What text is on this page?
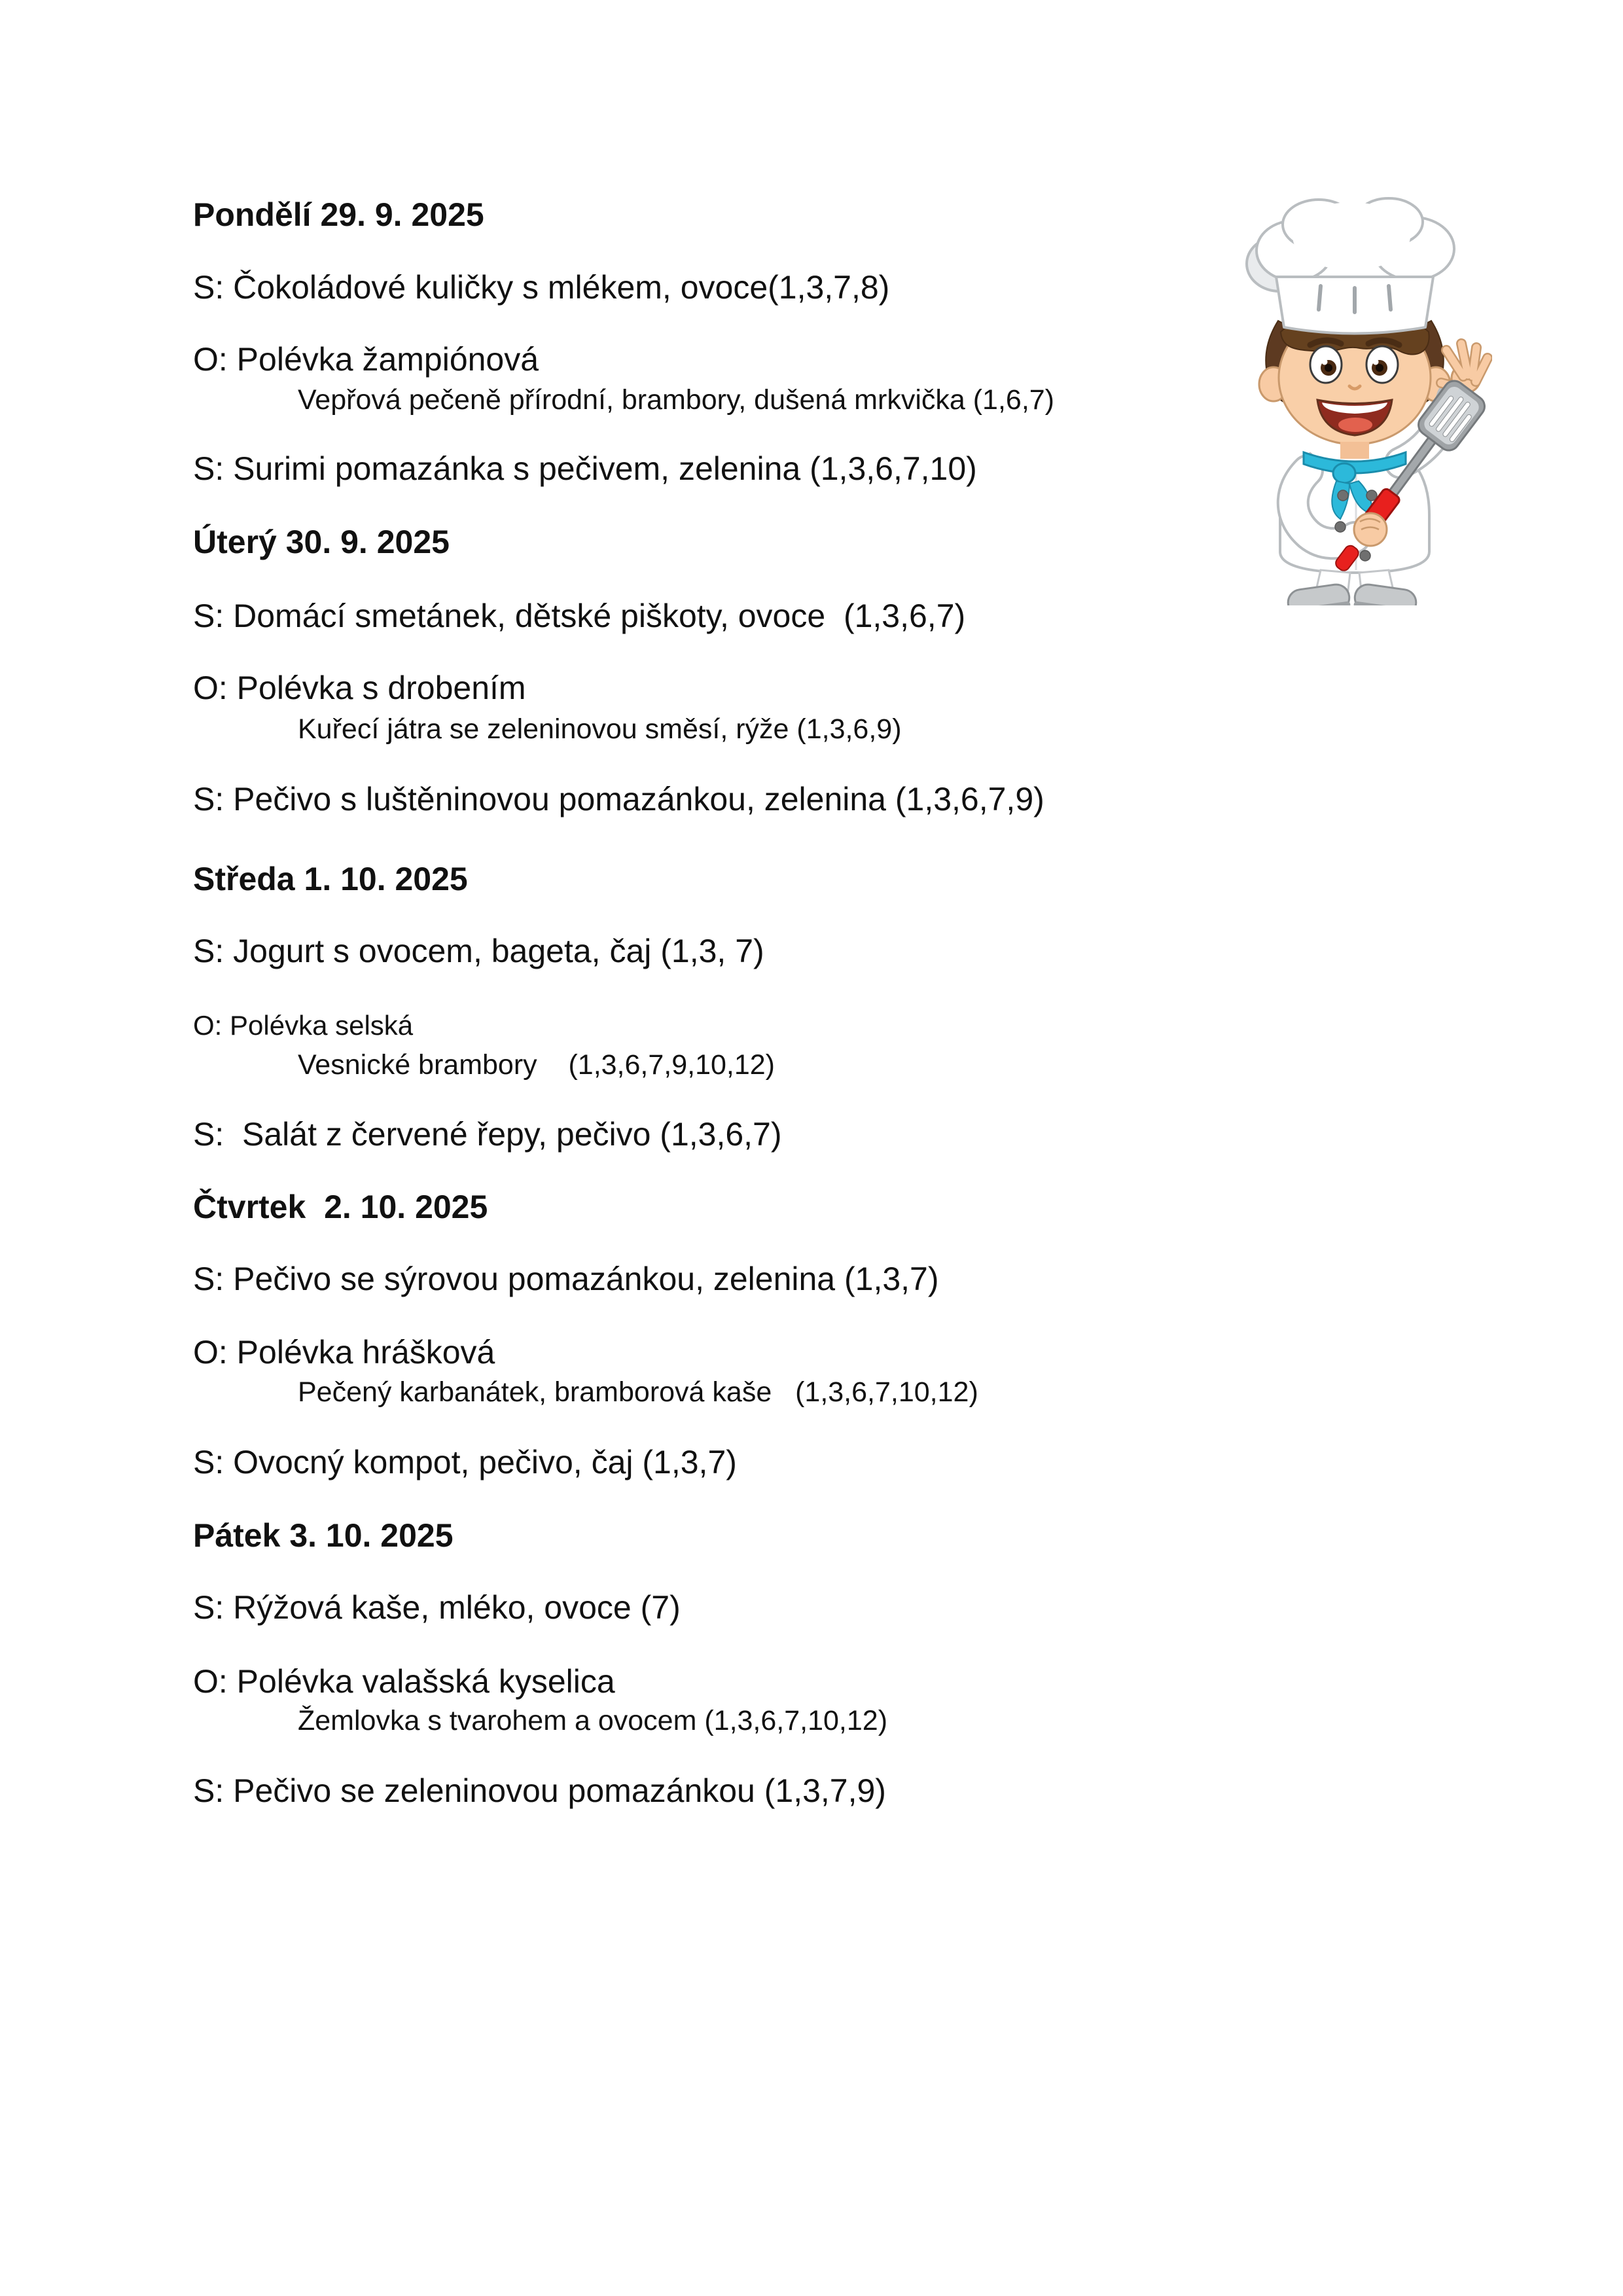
Pondělí 29. 9. 2025
S: Čokoládové kuličky s mlékem, ovoce(1,3,7,8)
O: Polévka žampiónová
Vepřová pečeně přírodní, brambory, dušená mrkvička (1,6,7)
S: Surimi pomazánka s pečivem, zelenina (1,3,6,7,10)
Úterý 30. 9. 2025
S: Domácí smetánek, dětské piškoty, ovoce  (1,3,6,7)
O: Polévka s drobením
Kuřecí játra se zeleninovou směsí, rýže (1,3,6,9)
S: Pečivo s luštěninovou pomazánkou, zelenina (1,3,6,7,9)
Středa 1. 10. 2025
S: Jogurt s ovocem, bageta, čaj (1,3, 7)
O: Polévka selská
Vesnické brambory    (1,3,6,7,9,10,12)
S:  Salát z červené řepy, pečivo (1,3,6,7)
Čtvrtek  2. 10. 2025
S: Pečivo se sýrovou pomazánkou, zelenina (1,3,7)
O: Polévka hrášková
Pečený karbanátek, bramborová kaše   (1,3,6,7,10,12)
S: Ovocný kompot, pečivo, čaj (1,3,7)
Pátek 3. 10. 2025
S: Rýžová kaše, mléko, ovoce (7)
O: Polévka valašská kyselica
Žemlovka s tvarohem a ovocem (1,3,6,7,10,12)
S: Pečivo se zeleninovou pomazánkou (1,3,7,9)
